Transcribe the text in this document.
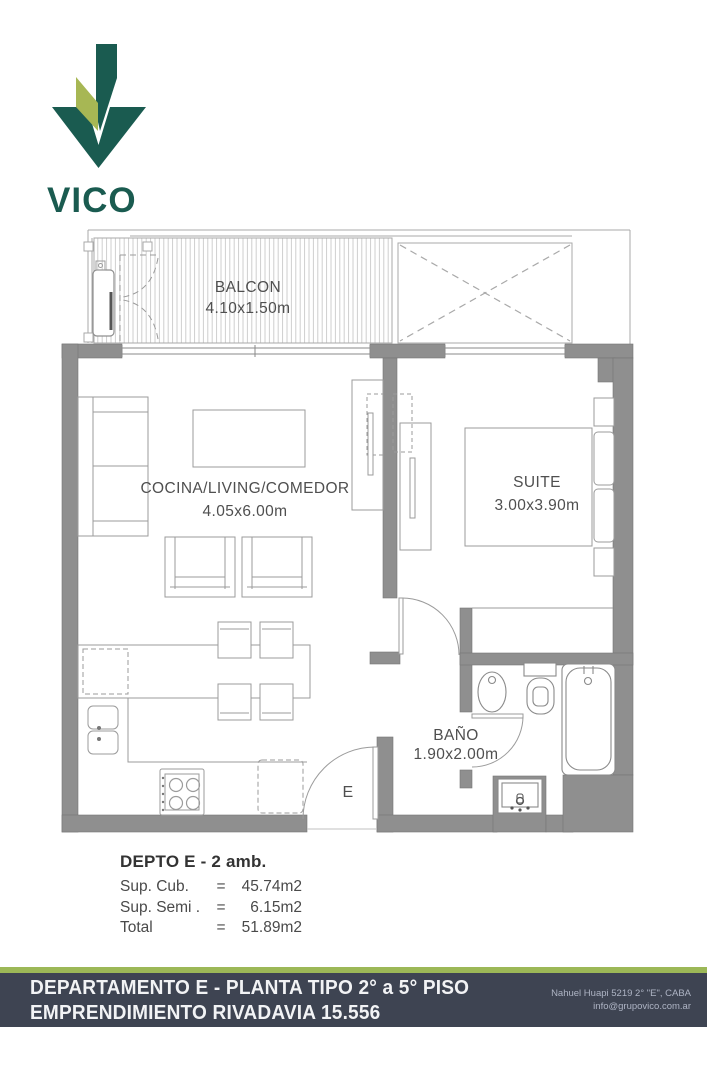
VICO
BALCON
4.10x1.50m
COCINA/LIVING/COMEDOR
4.05x6.00m
SUITE
3.00x3.90m
BAÑO
1.90x2.00m
E
DEPTO E - 2 amb.
Sup. Cub.	=	45.74m2
Sup. Semi .	=	6.15m2
Total	=	51.89m2
DEPARTAMENTO E - PLANTA TIPO 2° a 5° PISO
EMPRENDIMIENTO RIVADAVIA 15.556
Nahuel Huapi 5219 2° "E", CABA
info@grupovico.com.ar
